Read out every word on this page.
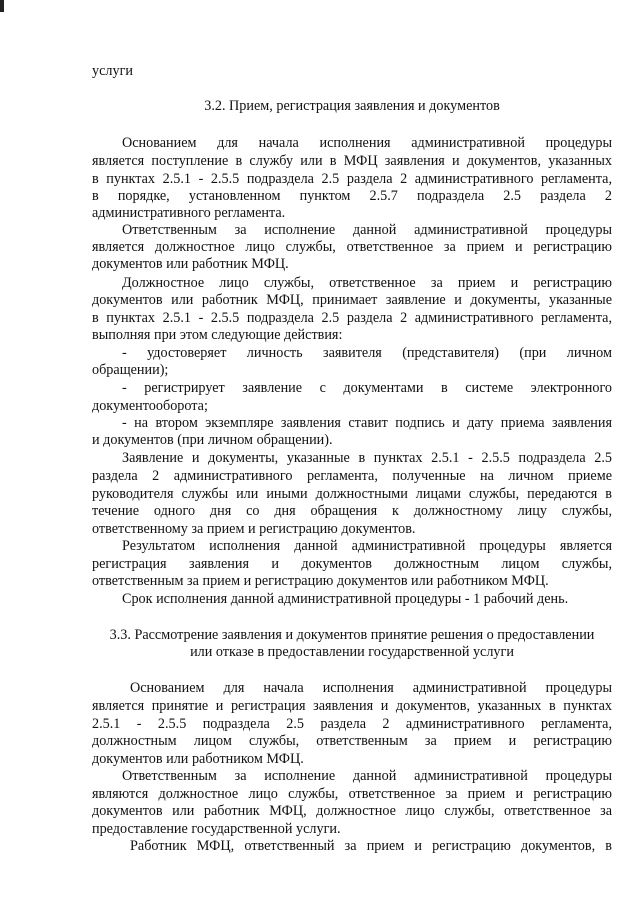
услуги
3.2. Прием, регистрация заявления и документов
Основанием для начала исполнения административной процедуры
является поступление в службу или в МФЦ заявления и документов, указанных
в пунктах 2.5.1 - 2.5.5 подраздела 2.5 раздела 2 административного регламента,
в порядке, установленном пунктом 2.5.7 подраздела 2.5 раздела 2
административного регламента.
Ответственным за исполнение данной административной процедуры
является должностное лицо службы, ответственное за прием и регистрацию
документов или работник МФЦ.
Должностное лицо службы, ответственное за прием и регистрацию
документов или работник МФЦ, принимает заявление и документы, указанные
в пунктах 2.5.1 - 2.5.5 подраздела 2.5 раздела 2 административного регламента,
выполняя при этом следующие действия:
- удостоверяет личность заявителя (представителя) (при личном
обращении);
- регистрирует заявление с документами в системе электронного
документооборота;
- на втором экземпляре заявления ставит подпись и дату приема заявления
и документов (при личном обращении).
Заявление и документы, указанные в пунктах 2.5.1 - 2.5.5 подраздела 2.5
раздела 2 административного регламента, полученные на личном приеме
руководителя службы или иными должностными лицами службы, передаются в
течение одного дня со дня обращения к должностному лицу службы,
ответственному за прием и регистрацию документов.
Результатом исполнения данной административной процедуры является
регистрация заявления и документов должностным лицом службы,
ответственным за прием и регистрацию документов или работником МФЦ.
Срок исполнения данной административной процедуры - 1 рабочий день.
3.3. Рассмотрение заявления и документов принятие решения о предоставлении
или отказе в предоставлении государственной услуги
Основанием для начала исполнения административной процедуры
является принятие и регистрация заявления и документов, указанных в пунктах
2.5.1 - 2.5.5 подраздела 2.5 раздела 2 административного регламента,
должностным лицом службы, ответственным за прием и регистрацию
документов или работником МФЦ.
Ответственным за исполнение данной административной процедуры
являются должностное лицо службы, ответственное за прием и регистрацию
документов или работник МФЦ, должностное лицо службы, ответственное за
предоставление государственной услуги.
Работник МФЦ, ответственный за прием и регистрацию документов, в
